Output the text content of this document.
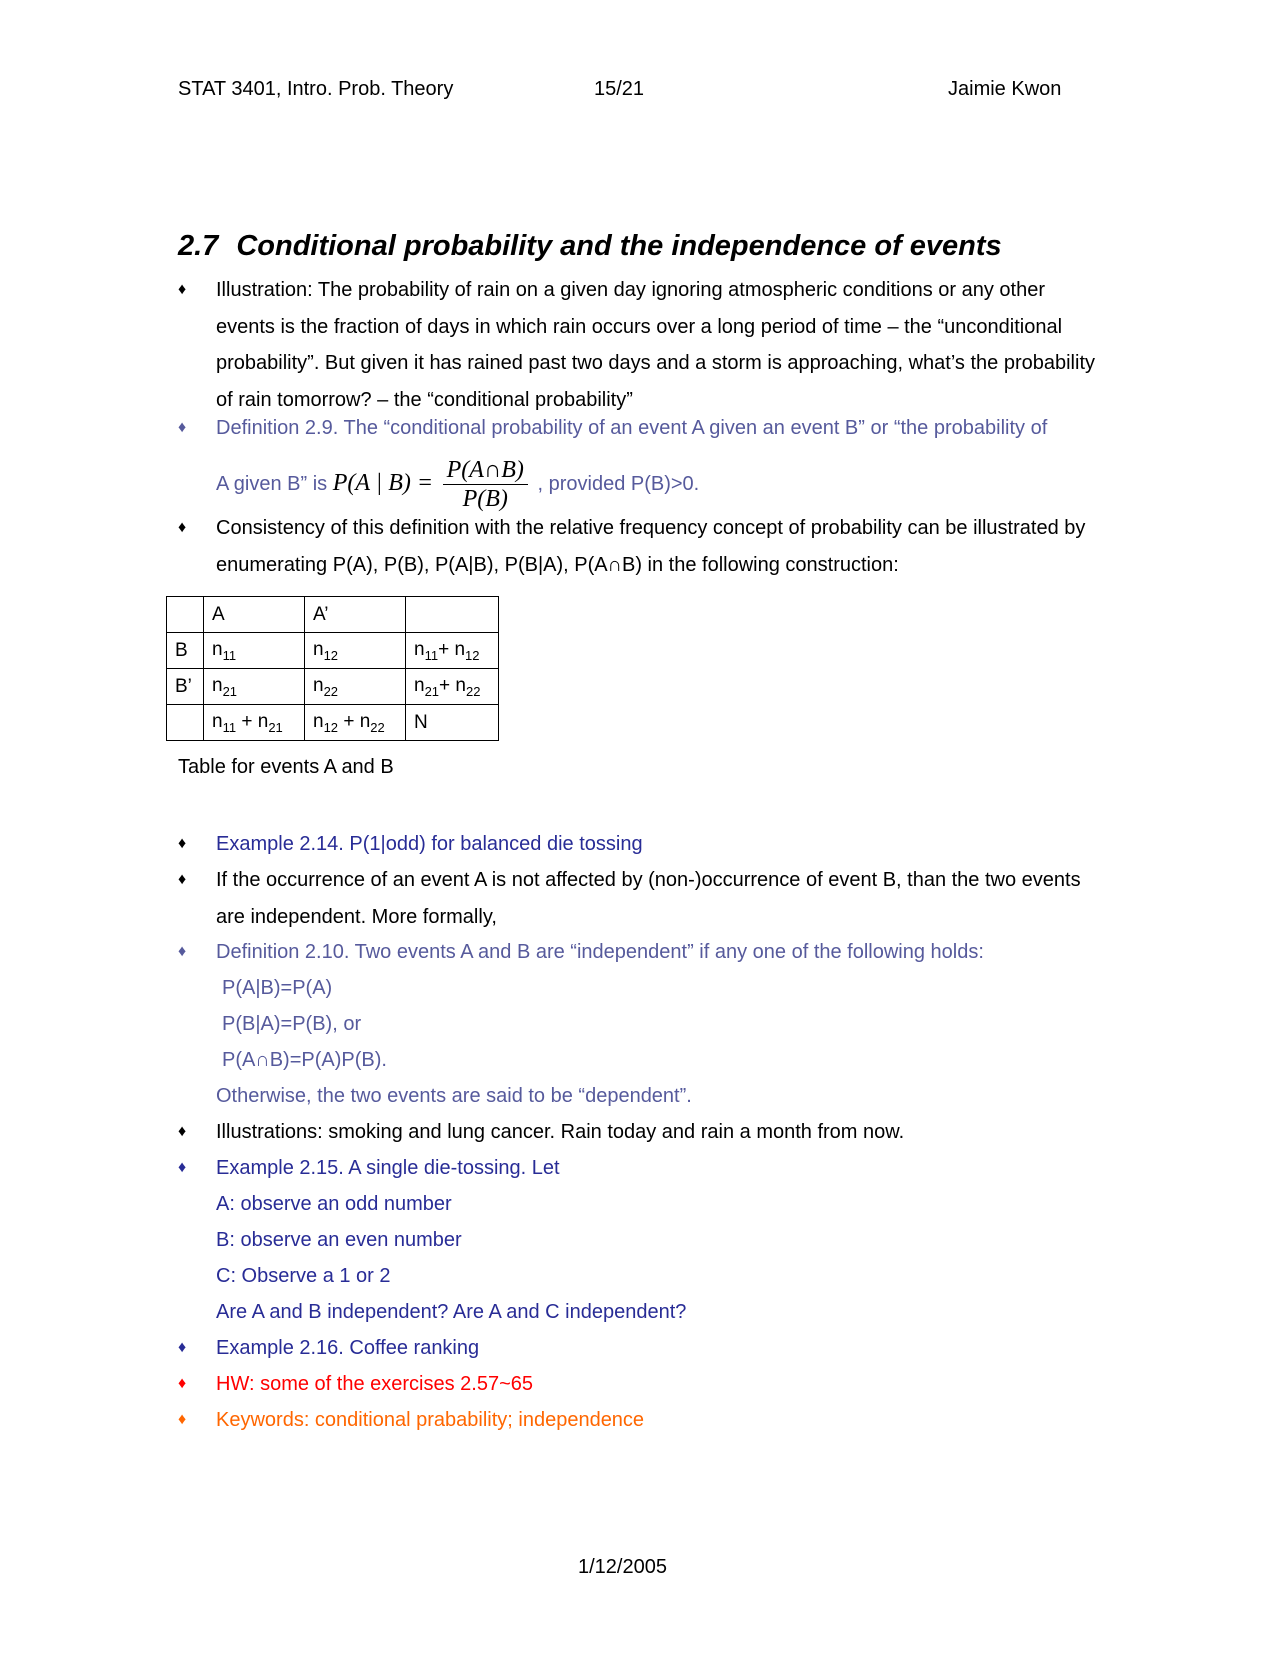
STAT 3401, Intro. Prob. Theory	15/21	Jaimie Kwon
2.7 Conditional probability and the independence of events
♦	Illustration: The probability of rain on a given day ignoring atmospheric conditions or any other events is the fraction of days in which rain occurs over a long period of time – the “unconditional probability”. But given it has rained past two days and a storm is approaching, what’s the probability of rain tomorrow? – the “conditional probability”
♦	Definition 2.9. The “conditional probability of an event A given an event B” or “the probability of
A given B” is P(A | $B) = \frac{P(A\cap B)}{P(B)}$ , provided P(B)>0.
♦	Consistency of this definition with the relative frequency concept of probability can be illustrated by enumerating P(A), P(B), P(A|B), P(B|A), P(A∩B) in the following construction:
	A	A’	
B	$n_{11}$	$n_{12}$	$n_{11}+ n_{12}$
B’	$n_{21}$	$n_{22}$	$n_{21}+ n_{22}$
	$n_{11} + n_{21}$	$n_{12} + n_{22}$	N
Table for events A and B
♦	Example 2.14. P(1|odd) for balanced die tossing
♦	If the occurrence of an event A is not affected by (non-)occurrence of event B, than the two events are independent. More formally,
♦	Definition 2.10. Two events A and B are “independent” if any one of the following holds:
P(A|B)=P(A)
P(B|A)=P(B), or
P(A∩B)=P(A)P(B).
Otherwise, the two events are said to be “dependent”.
♦	Illustrations: smoking and lung cancer. Rain today and rain a month from now.
♦	Example 2.15. A single die-tossing. Let
A: observe an odd number
B: observe an even number
C: Observe a 1 or 2
Are A and B independent? Are A and C independent?
♦	Example 2.16. Coffee ranking
♦	HW: some of the exercises 2.57~65
♦	Keywords: conditional prabability; independence
1/12/2005
